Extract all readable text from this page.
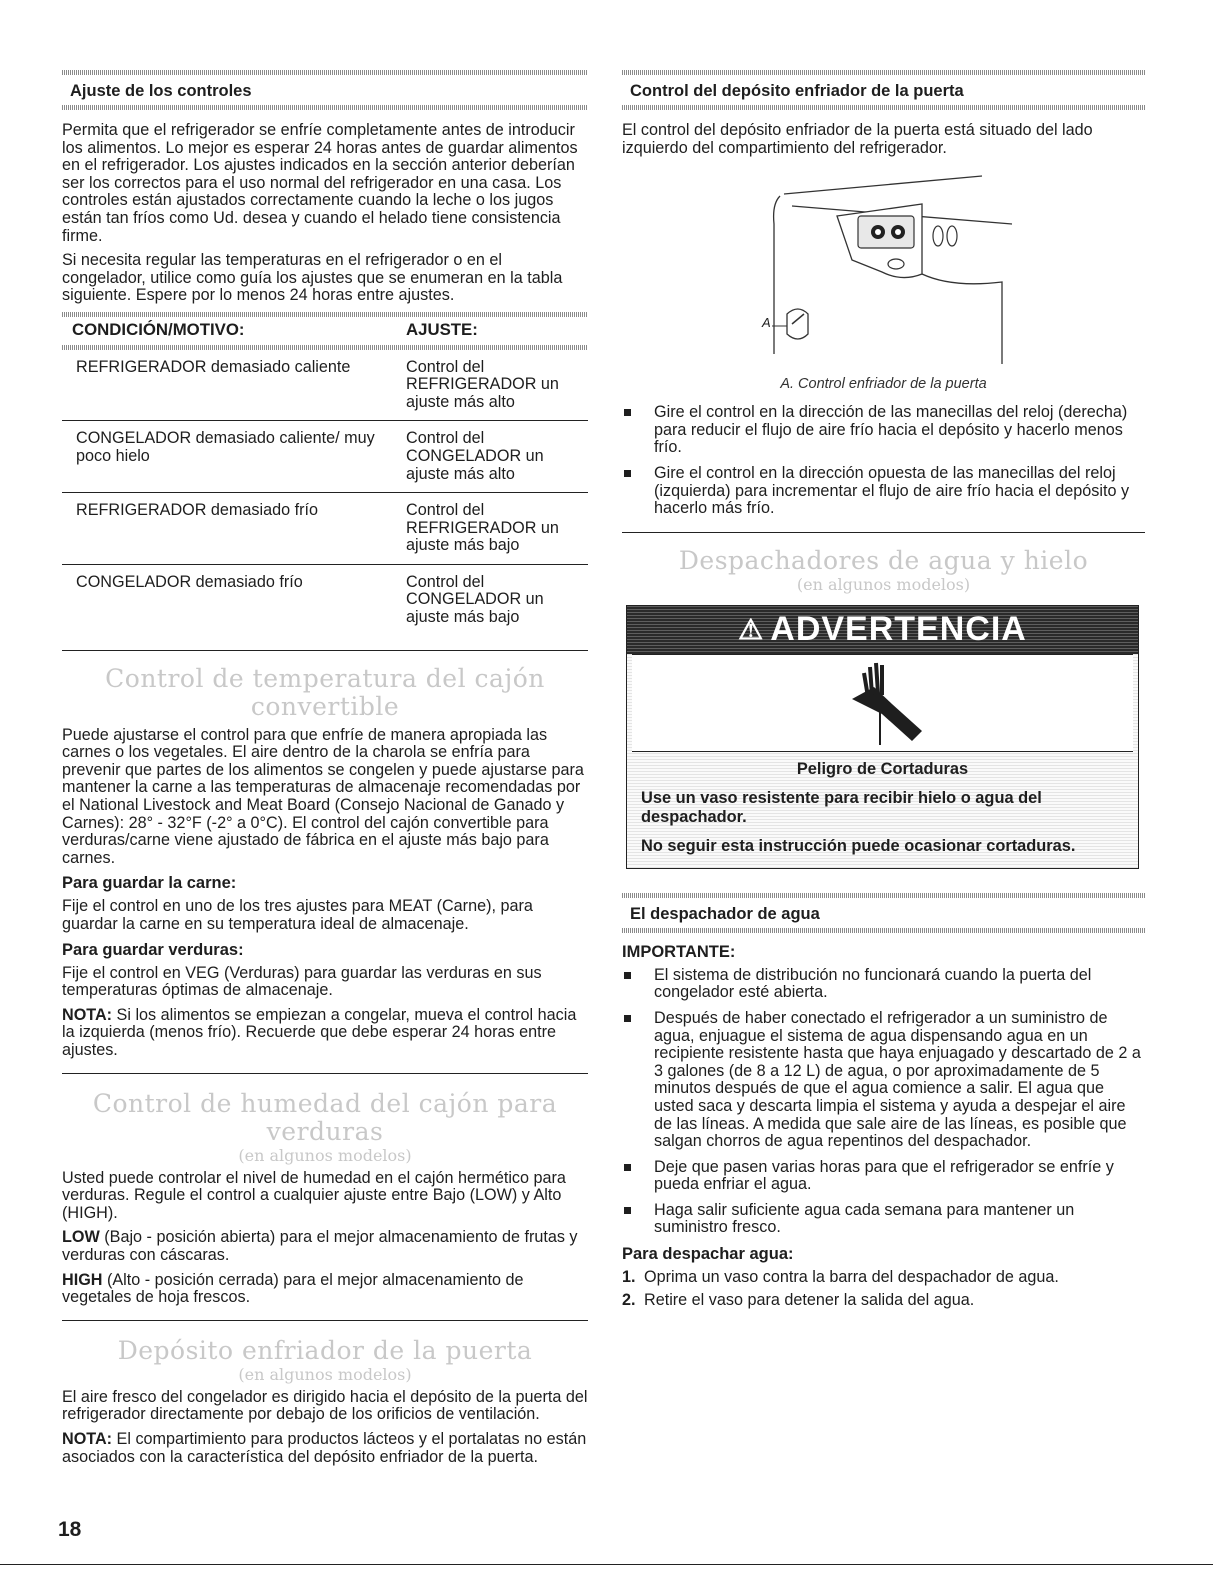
Ajuste de los controles

Permita que el refrigerador se enfríe completamente antes de introducir los alimentos. Lo mejor es esperar 24 horas antes de guardar alimentos en el refrigerador. Los ajustes indicados en la sección anterior deberían ser los correctos para el uso normal del refrigerador en una casa. Los controles están ajustados correctamente cuando la leche o los jugos están tan fríos como Ud. desea y cuando el helado tiene consistencia firme.

Si necesita regular las temperaturas en el refrigerador o en el congelador, utilice como guía los ajustes que se enumeran en la tabla siguiente. Espere por lo menos 24 horas entre ajustes.

CONDICIÓN/MOTIVO:	AJUSTE:

REFRIGERADOR demasiado caliente	Control del REFRIGERADOR un ajuste más alto
CONGELADOR demasiado caliente/ muy poco hielo	Control del CONGELADOR un ajuste más alto
REFRIGERADOR demasiado frío	Control del REFRIGERADOR un ajuste más bajo
CONGELADOR demasiado frío	Control del CONGELADOR un ajuste más bajo
Control de temperatura del cajón convertible

Puede ajustarse el control para que enfríe de manera apropiada las carnes o los vegetales. El aire dentro de la charola se enfría para prevenir que partes de los alimentos se congelen y puede ajustarse para mantener la carne a las temperaturas de almacenaje recomendadas por el National Livestock and Meat Board (Consejo Nacional de Ganado y Carnes): 28° - 32°F (-2° a 0°C). El control del cajón convertible para verduras/carne viene ajustado de fábrica en el ajuste más bajo para carnes.

Para guardar la carne:

Fije el control en uno de los tres ajustes para MEAT (Carne), para guardar la carne en su temperatura ideal de almacenaje.

Para guardar verduras:

Fije el control en VEG (Verduras) para guardar las verduras en sus temperaturas óptimas de almacenaje.

NOTA: Si los alimentos se empiezan a congelar, mueva el control hacia la izquierda (menos frío). Recuerde que debe esperar 24 horas entre ajustes.

Control de humedad del cajón para verduras
(en algunos modelos)

Usted puede controlar el nivel de humedad en el cajón hermético para verduras. Regule el control a cualquier ajuste entre Bajo (LOW) y Alto (HIGH).

LOW (Bajo - posición abierta) para el mejor almacenamiento de frutas y verduras con cáscaras.

HIGH (Alto - posición cerrada) para el mejor almacenamiento de vegetales de hoja frescos.

Depósito enfriador de la puerta
(en algunos modelos)

El aire fresco del congelador es dirigido hacia el depósito de la puerta del refrigerador directamente por debajo de los orificios de ventilación.

NOTA: El compartimiento para productos lácteos y el portalatas no están asociados con la característica del depósito enfriador de la puerta.

Control del depósito enfriador de la puerta

El control del depósito enfriador de la puerta está situado del lado izquierdo del compartimiento del refrigerador.

A
A. Control enfriador de la puerta
Gire el control en la dirección de las manecillas del reloj (derecha) para reducir el flujo de aire frío hacia el depósito y hacerlo menos frío.
Gire el control en la dirección opuesta de las manecillas del reloj (izquierda) para incrementar el flujo de aire frío hacia el depósito y hacerlo más frío.
Despachadores de agua y hielo
(en algunos modelos)
⚠ ADVERTENCIA
Peligro de Cortaduras

Use un vaso resistente para recibir hielo o agua del despachador.

No seguir esta instrucción puede ocasionar cortaduras.

El despachador de agua
IMPORTANTE:
El sistema de distribución no funcionará cuando la puerta del congelador esté abierta.
Después de haber conectado el refrigerador a un suministro de agua, enjuague el sistema de agua dispensando agua en un recipiente resistente hasta que haya enjuagado y descartado de 2 a 3 galones (de 8 a 12 L) de agua, o por aproximadamente de 5 minutos después de que el agua comience a salir. El agua que usted saca y descarta limpia el sistema y ayuda a despejar el aire de las líneas. A medida que sale aire de las líneas, es posible que salgan chorros de agua repentinos del despachador.
Deje que pasen varias horas para que el refrigerador se enfríe y pueda enfriar el agua.
Haga salir suficiente agua cada semana para mantener un suministro fresco.
Para despachar agua:
1. Oprima un vaso contra la barra del despachador de agua.
2. Retire el vaso para detener la salida del agua.
18
